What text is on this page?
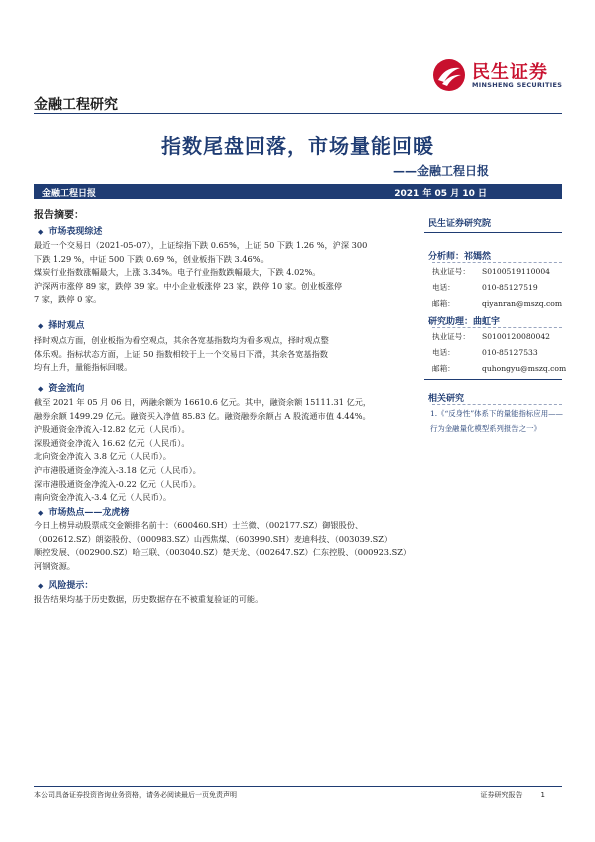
民生证券
MINSHENG SECURITIES
金融工程研究
指数尾盘回落，市场量能回暖
——金融工程日报
金融工程日报	2021 年 05 月 10 日
报告摘要：
◆ 市场表现综述
最近一个交易日（2021-05-07），上证综指下跌 0.65%，上证 50 下跌 1.26 %，沪深 300
下跌 1.29 %，中证 500 下跌 0.69 %，创业板指下跌 3.46%。
煤炭行业指数涨幅最大，上涨 3.34%。电子行业指数跌幅最大，下跌 4.02%。
沪深两市涨停 89 家，跌停 39 家。中小企业板涨停 23 家，跌停 10 家。创业板涨停
7 家，跌停 0 家。
◆ 择时观点
择时观点方面，创业板指为看空观点，其余各宽基指数均为看多观点，择时观点整
体乐观。指标状态方面，上证 50 指数相较于上一个交易日下滑，其余各宽基指数
均有上升，量能指标回暖。
◆ 资金流向
截至 2021 年 05 月 06 日，两融余额为 16610.6 亿元。其中，融资余额 15111.31 亿元，
融券余额 1499.29 亿元。融资买入净值 85.83 亿。融资融券余额占 A 股流通市值 4.44%。
沪股通资金净流入-12.82 亿元（人民币）。
深股通资金净流入 16.62 亿元（人民币）。
北向资金净流入 3.8 亿元（人民币）。
沪市港股通资金净流入-3.18 亿元（人民币）。
深市港股通资金净流入-0.22 亿元（人民币）。
南向资金净流入-3.4 亿元（人民币）。
◆ 市场热点——龙虎榜
今日上榜异动股票成交金额排名前十：（600460.SH）士兰微、（002177.SZ）御银股份、
（002612.SZ）朗姿股份、（000983.SZ）山西焦煤、（603990.SH）麦迪科技、（003039.SZ）
顺控发展、（002900.SZ）哈三联、（003040.SZ）楚天龙、（002647.SZ）仁东控股、（000923.SZ）
河钢资源。
◆ 风险提示：
报告结果均基于历史数据，历史数据存在不被重复验证的可能。
民生证券研究院
分析师：祁嫣然
执业证号： S0100519110004
电话：	010-85127519
邮箱：	qiyanran@mszq.com
研究助理：曲虹宇
执业证号： S0100120080042
电话：	010-85127533
邮箱：	quhongyu@mszq.com
相关研究
1.《“反身性”体系下的量能指标应用——
行为金融量化模型系列报告之一》
本公司具备证券投资咨询业务资格，请务必阅读最后一页免责声明	证券研究报告	1
